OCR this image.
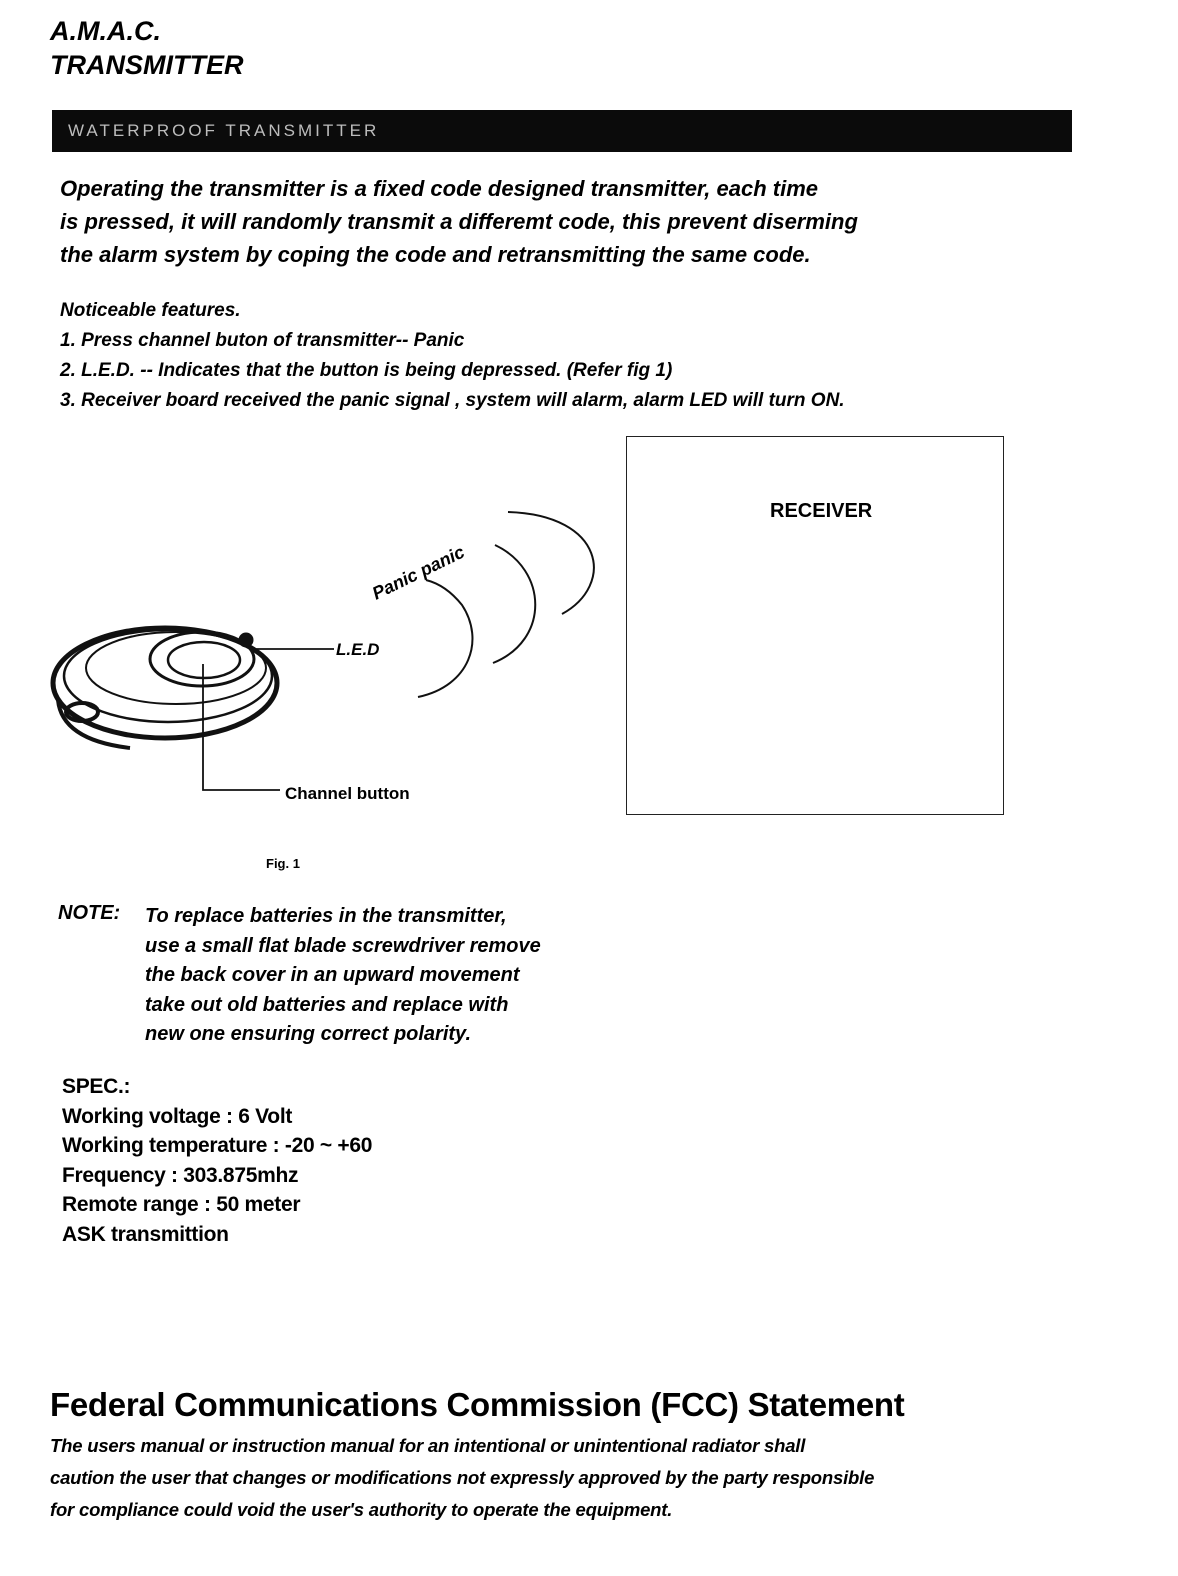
A.M.A.C.
TRANSMITTER
WATERPROOF TRANSMITTER
Operating the transmitter is a fixed code designed transmitter, each time
is pressed, it will randomly transmit a differemt code, this prevent diserming
the alarm system by coping the code and retransmitting the same code.
Noticeable features.
1. Press channel buton of transmitter-- Panic
2. L.E.D. -- Indicates that the button is being depressed. (Refer fig 1)
3. Receiver board received the panic signal , system will alarm, alarm LED will turn ON.
Panic panic
L.E.D
Channel button
RECEIVER
Fig. 1
NOTE: To replace batteries in the transmitter,
use a small flat blade screwdriver remove
the back cover in an upward movement
take out old batteries and replace with
new one ensuring correct polarity.
SPEC.:
Working voltage : 6 Volt
Working temperature : -20 ~ +60
Frequency : 303.875mhz
Remote range : 50 meter
ASK transmittion
Federal Communications Commission (FCC) Statement
The users manual or instruction manual for an intentional or unintentional radiator shall
caution the user that changes or modifications not expressly approved by the party responsible
for compliance could void the user's authority to operate the equipment.
